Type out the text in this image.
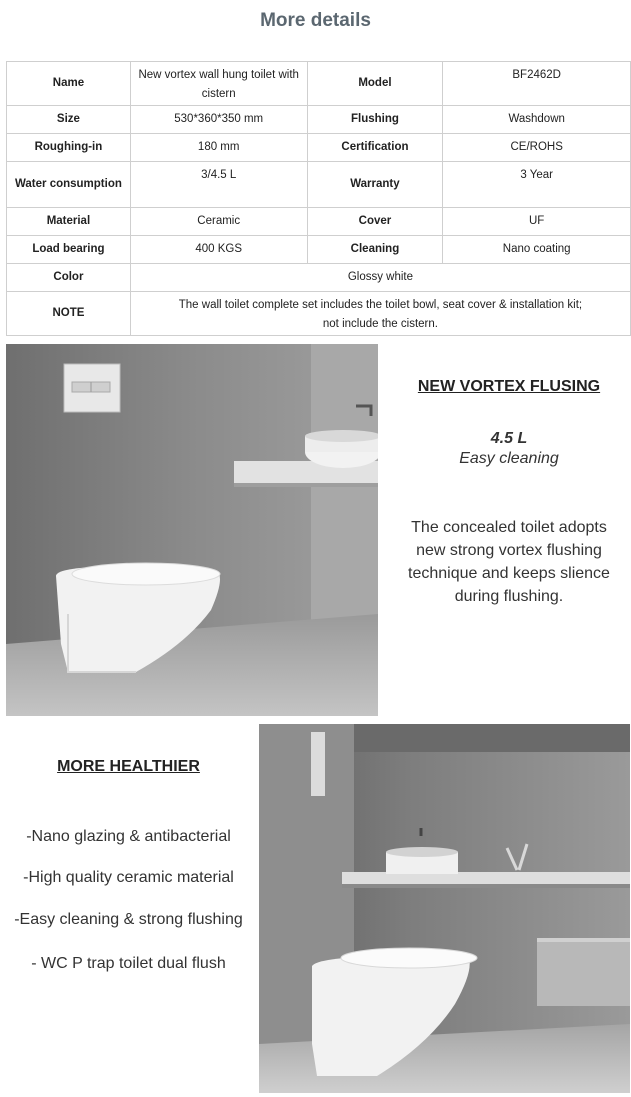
More details
Name	New vortex wall hung toilet with cistern	Model	BF2462D
Size	530*360*350 mm	Flushing	Washdown
Roughing-in	180 mm	Certification	CE/ROHS
Water consumption	3/4.5 L	Warranty	3 Year
Material	Ceramic	Cover	UF
Load bearing	400 KGS	Cleaning	Nano coating
Color	Glossy white		
NOTE	The wall toilet complete set includes the toilet bowl, seat cover & installation kit;
not include the cistern.		
NEW VORTEX FLUSING
4.5 L
Easy cleaning
The concealed toilet adopts new strong vortex flushing technique and keeps slience during flushing.
MORE HEALTHIER
-Nano glazing & antibacterial
-High quality ceramic material
-Easy cleaning & strong flushing
- WC P trap toilet dual flush
